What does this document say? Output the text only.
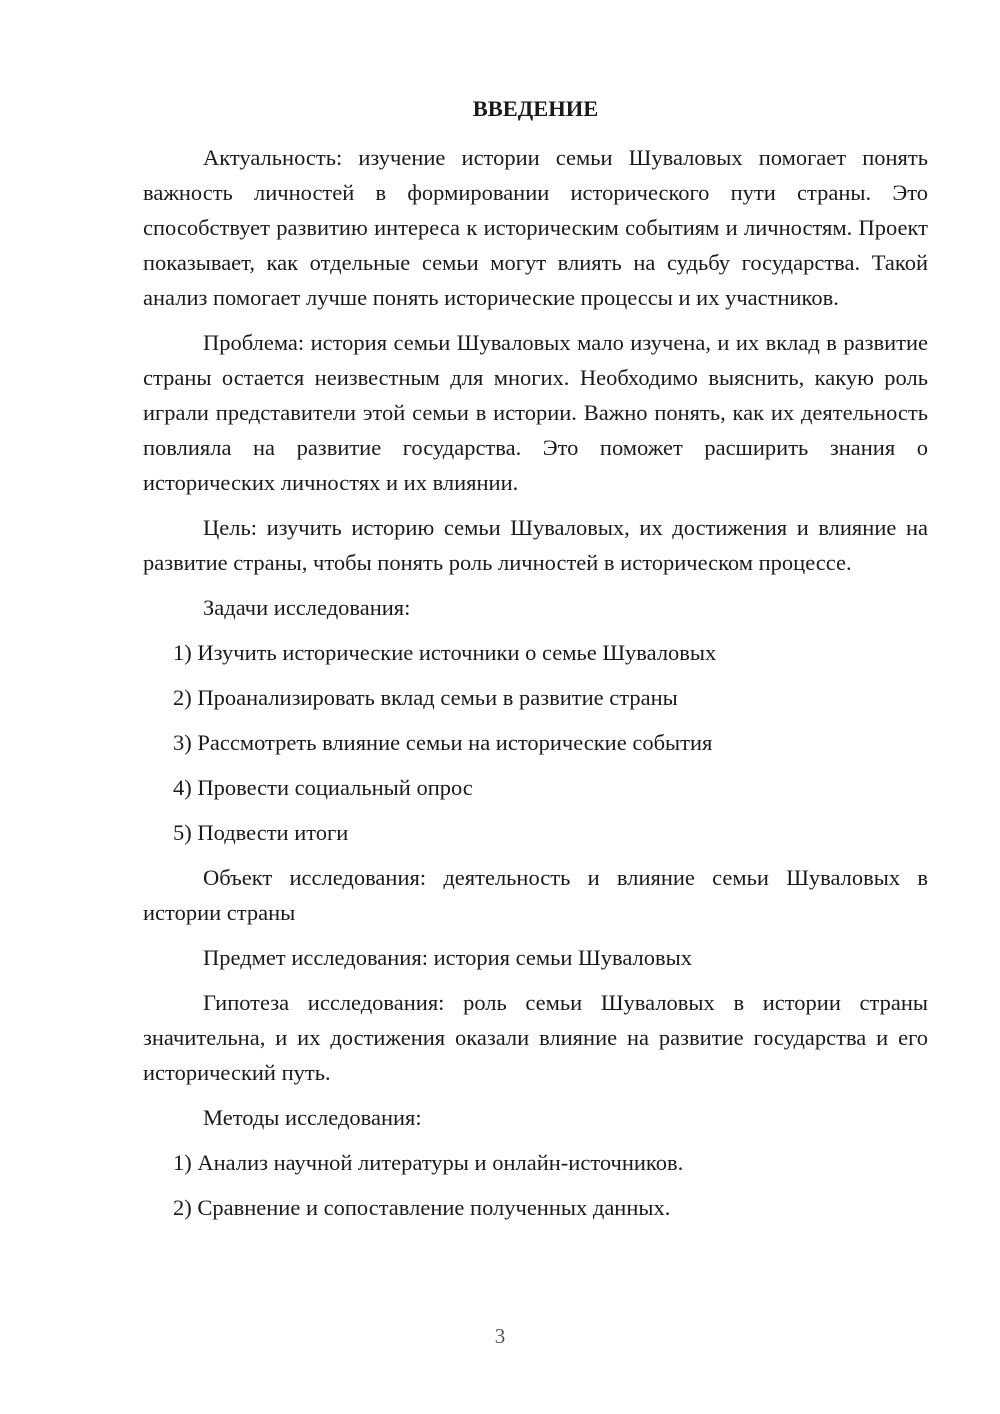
ВВЕДЕНИЕ

Актуальность: изучение истории семьи Шуваловых помогает понять важность личностей в формировании исторического пути страны. Это способствует развитию интереса к историческим событиям и личностям. Проект показывает, как отдельные семьи могут влиять на судьбу государства. Такой анализ помогает лучше понять исторические процессы и их участников.

Проблема: история семьи Шуваловых мало изучена, и их вклад в развитие страны остается неизвестным для многих. Необходимо выяснить, какую роль играли представители этой семьи в истории. Важно понять, как их деятельность повлияла на развитие государства. Это поможет расширить знания о исторических личностях и их влиянии.

Цель: изучить историю семьи Шуваловых, их достижения и влияние на развитие страны, чтобы понять роль личностей в историческом процессе.

Задачи исследования:

1) Изучить исторические источники о семье Шуваловых
2) Проанализировать вклад семьи в развитие страны
3) Рассмотреть влияние семьи на исторические события
4) Провести социальный опрос
5) Подвести итоги

Объект исследования: деятельность и влияние семьи Шуваловых в истории страны

Предмет исследования: история семьи Шуваловых

Гипотеза исследования: роль семьи Шуваловых в истории страны значительна, и их достижения оказали влияние на развитие государства и его исторический путь.

Методы исследования:

1) Анализ научной литературы и онлайн-источников.
2) Сравнение и сопоставление полученных данных.
3
